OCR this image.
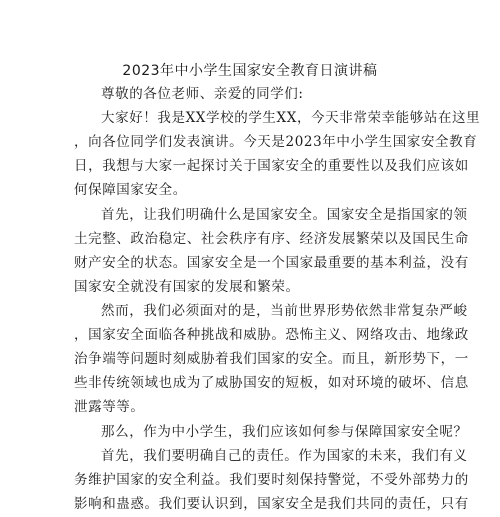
2023年中小学生国家安全教育日演讲稿
尊敬的各位老师、亲爱的同学们:
大家好！我是XX学校的学生XX，今天非常荣幸能够站在这里
，向各位同学们发表演讲。今天是2023年中小学生国家安全教育
日，我想与大家一起探讨关于国家安全的重要性以及我们应该如
何保障国家安全。
首先，让我们明确什么是国家安全。国家安全是指国家的领
土完整、政治稳定、社会秩序有序、经济发展繁荣以及国民生命
财产安全的状态。国家安全是一个国家最重要的基本利益，没有
国家安全就没有国家的发展和繁荣。
然而，我们必须面对的是，当前世界形势依然非常复杂严峻
，国家安全面临各种挑战和威胁。恐怖主义、网络攻击、地缘政
治争端等问题时刻威胁着我们国家的安全。而且，新形势下，一
些非传统领域也成为了威胁国安的短板，如对环境的破坏、信息
泄露等等。
那么，作为中小学生，我们应该如何参与保障国家安全呢？
首先，我们要明确自己的责任。作为国家的未来，我们有义
务维护国家的安全利益。我们要时刻保持警觉，不受外部势力的
影响和蛊惑。我们要认识到，国家安全是我们共同的责任，只有
